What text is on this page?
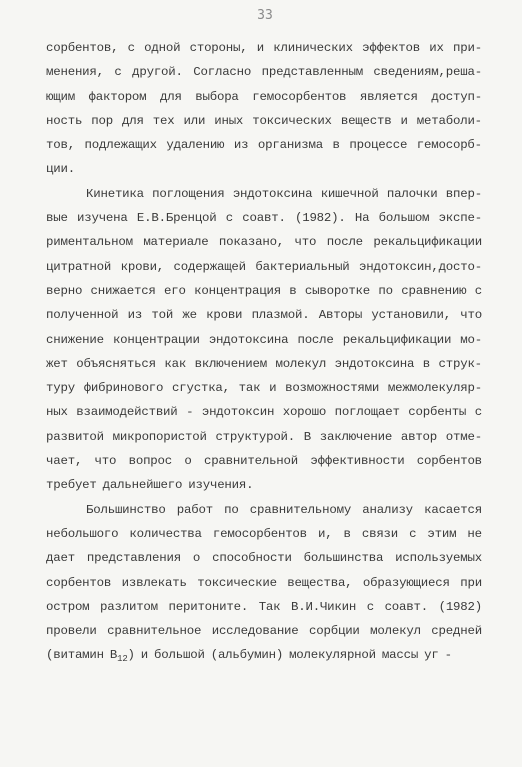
33
сорбентов, с одной стороны, и клинических эффектов их при-
менения, с другой. Согласно представленным сведениям,реша-
ющим фактором для выбора гемосорбентов является доступ-
ность пор для тех или иных токсических веществ и метаболи-
тов, подлежащих удалению из организма в процессе гемосорб-
ции.
Кинетика поглощения эндотоксина кишечной палочки впер-
вые изучена Е.В.Бренцой с соавт. (1982). На большом экспе-
риментальном материале показано, что после рекальцификации
цитратной крови, содержащей бактериальный эндотоксин,досто-
верно снижается его концентрация в сыворотке по сравнению с
полученной из той же крови плазмой. Авторы установили, что
снижение концентрации эндотоксина после рекальцификации мо-
жет объясняться как включением молекул эндотоксина в струк-
туру фибринового сгустка, так и возможностями межмолекуляр-
ных взаимодействий - эндотоксин хорошо поглощает сорбенты с
развитой микропористой структурой. В заключение автор отме-
чает, что вопрос о сравнительной эффективности сорбентов
требует дальнейшего изучения.
Большинство работ по сравнительному анализу касается
небольшого количества гемосорбентов и, в связи с этим не
дает представления о способности большинства используемых
сорбентов извлекать токсические вещества, образующиеся при
остром разлитом перитоните. Так В.И.Чикин с соавт. (1982)
провели сравнительное исследование сорбции молекул средней
(витамин $B_{12}$) и большой (альбумин) молекулярной массы уг -
